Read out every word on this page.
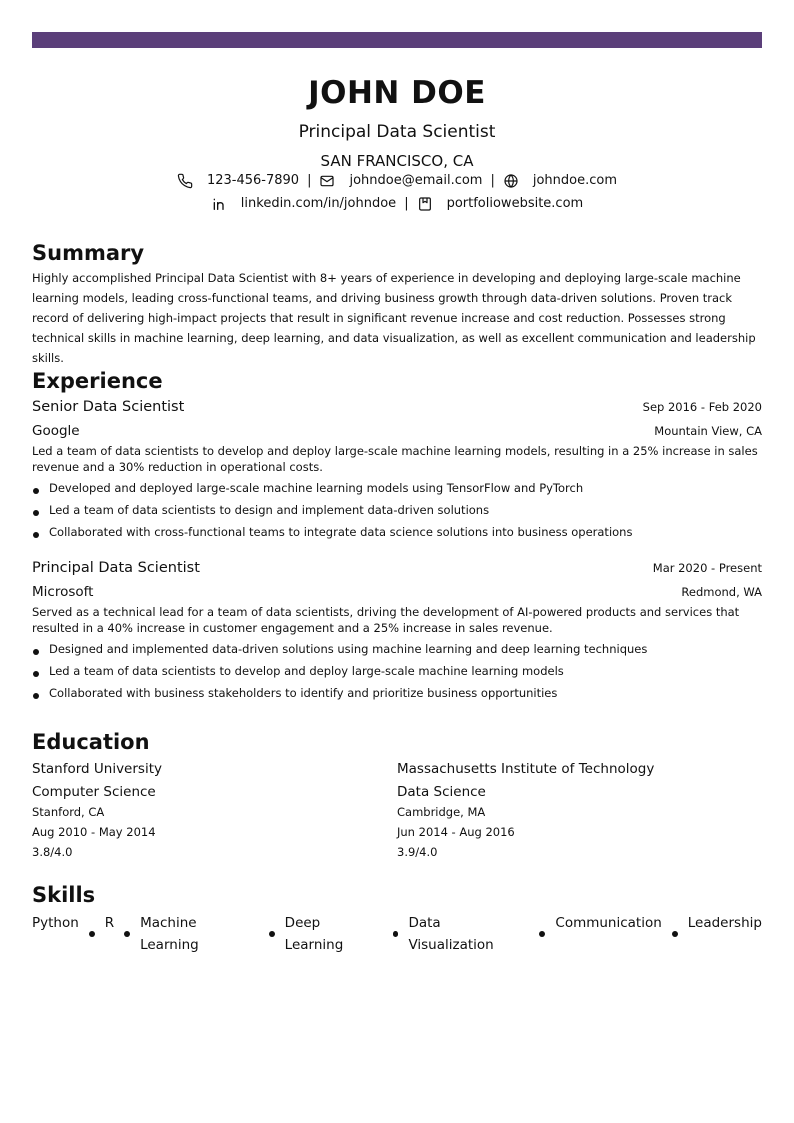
JOHN DOE
Principal Data Scientist
SAN FRANCISCO, CA
123-456-7890 |	johndoe@email.com |	johndoe.com
linkedin.com/in/johndoe |	portfoliowebsite.com
Summary
Highly accomplished Principal Data Scientist with 8+ years of experience in developing and deploying large-scale machine learning models, leading cross-functional teams, and driving business growth through data-driven solutions. Proven track record of delivering high-impact projects that result in significant revenue increase and cost reduction. Possesses strong technical skills in machine learning, deep learning, and data visualization, as well as excellent communication and leadership skills.
Experience
Senior Data Scientist	Sep 2016 - Feb 2020
Google	Mountain View, CA
Led a team of data scientists to develop and deploy large-scale machine learning models, resulting in a 25% increase in sales revenue and a 30% reduction in operational costs.
Developed and deployed large-scale machine learning models using TensorFlow and PyTorch
Led a team of data scientists to design and implement data-driven solutions
Collaborated with cross-functional teams to integrate data science solutions into business operations
Principal Data Scientist	Mar 2020 - Present
Microsoft	Redmond, WA
Served as a technical lead for a team of data scientists, driving the development of AI-powered products and services that resulted in a 40% increase in customer engagement and a 25% increase in sales revenue.
Designed and implemented data-driven solutions using machine learning and deep learning techniques
Led a team of data scientists to develop and deploy large-scale machine learning models
Collaborated with business stakeholders to identify and prioritize business opportunities
Education
Stanford University
Computer Science
Stanford, CA
Aug 2010 - May 2014
3.8/4.0
Massachusetts Institute of Technology
Data Science
Cambridge, MA
Jun 2014 - Aug 2016
3.9/4.0
Skills
Python R Machine Learning
Deep Learning
Data Visualization
Communication Leadership
